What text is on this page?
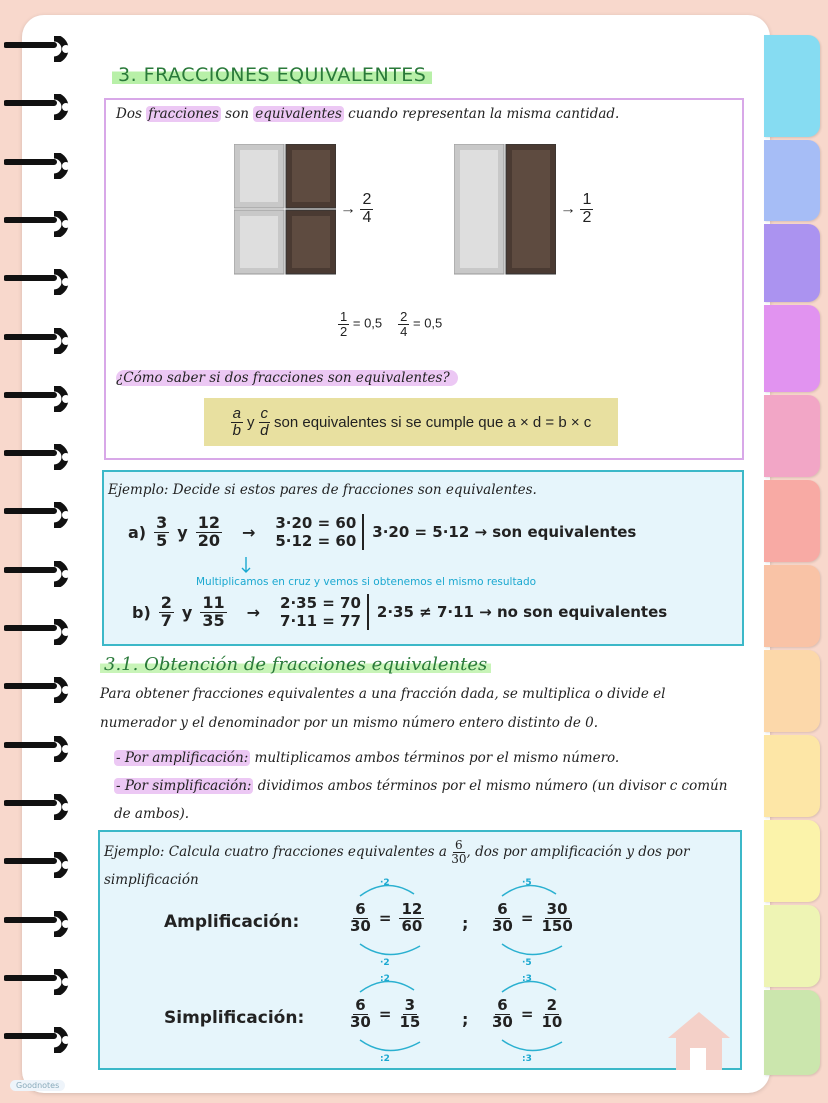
3. FRACCIONES EQUIVALENTES
Dos fracciones son equivalentes cuando representan la misma cantidad.
→ $\frac{2}{4}$	→ $\frac{1}{2}$
$\frac{1}{2} = 0,5 \frac{2}{4} = 0,5$
¿Cómo saber si dos fracciones son equivalentes?
$\frac{a}{b}$ y $\frac{c}{d}$ son equivalentes si se cumple que a × d = b × c
Ejemplo: Decide si estos pares de fracciones son equivalentes.
$a) \frac{3}{5}$ y $\frac{12}{20} \to 3\cdot 20 = 60$
5·12 = 60 3·20 = 5·12 → son equivalentes
Multiplicamos en cruz y vemos si obtenemos el mismo resultado
$b) \frac{2}{7}$ y $\frac{11}{35} \to 2\cdot 35 = 70$
7·11 = 77 2·35 ≠ 7·11 → no son equivalentes
3.1. Obtención de fracciones equivalentes
Para obtener fracciones equivalentes a una fracción dada, se multiplica o divide el numerador y el denominador por un mismo número entero distinto de 0.
- Por amplificación: multiplicamos ambos términos por el mismo número.
- Por simplificación: dividimos ambos términos por el mismo número (un divisor c común de ambos).
Ejemplo: Calcula cuatro fracciones equivalentes a $\frac{6}{30}$ , dos por amplificación y dos por simplificación
Amplificación:
·2
$\frac{6}{30} = \frac{12}{60}$
·2
;
·5
$\frac{6}{30} = \frac{30}{150}$
·5
Simplificación:
:2
$\frac{6}{30} = \frac{3}{15}$
:2
;
:3
$\frac{6}{30} = \frac{2}{10}$
:3
Goodnotes
